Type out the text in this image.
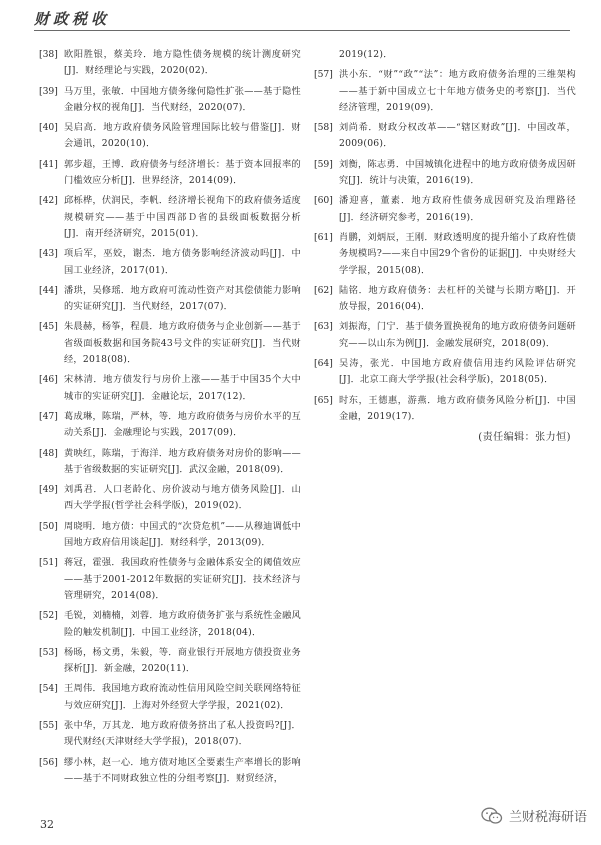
财政税收
[38] 欧阳胜银，蔡美玲．地方隐性债务规模的统计测度研究[J]．财经理论与实践，2020(02)．
[39] 马万里，张敏．中国地方债务缘何隐性扩张——基于隐性金融分权的视角[J]．当代财经，2020(07)．
[40] 吴启高．地方政府债务风险管理国际比较与借鉴[J]．财会通讯，2020(10)．
[41] 郭步超，王博．政府债务与经济增长：基于资本回报率的门槛效应分析[J]．世界经济，2014(09)．
[42] 邱栎桦，伏润民，李帆．经济增长视角下的政府债务适度规模研究——基于中国西部Ｄ省的县级面板数据分析[J]．南开经济研究，2015(01)．
[43] 项后军，巫姣，谢杰．地方债务影响经济波动吗[J]．中国工业经济，2017(01)．
[44] 潘珙，吴修瑶．地方政府可流动性资产对其偿债能力影响的实证研究[J]．当代财经，2017(07)．
[45] 朱晨赫，杨筝，程晨．地方政府债务与企业创新——基于省级面板数据和国务院43号文件的实证研究[J]．当代财经，2018(08)．
[46] 宋林清．地方债发行与房价上涨——基于中国35个大中城市的实证研究[J]．金融论坛，2017(12)．
[47] 葛成琳，陈瑞，严林，等．地方政府债务与房价水平的互动关系[J]．金融理论与实践，2017(09)．
[48] 黄映红，陈瑞，于海洋．地方政府债务对房价的影响——基于省级数据的实证研究[J]．武汉金融，2018(09)．
[49] 刘禹君．人口老龄化、房价波动与地方债务风险[J]．山西大学学报(哲学社会科学版)，2019(02)．
[50] 周晓明．地方债：中国式的“次贷危机”——从穆迪调低中国地方政府信用谈起[J]．财经科学，2013(09)．
[51] 蒋冠，霍强．我国政府性债务与金融体系安全的阈值效应——基于2001-2012年数据的实证研究[J]．技术经济与管理研究，2014(08)．
[52] 毛锐，刘楠楠，刘蓉．地方政府债务扩张与系统性金融风险的触发机制[J]．中国工业经济，2018(04)．
[53] 杨旸，杨文勇，朱毅，等．商业银行开展地方债投资业务探析[J]．新金融，2020(11)．
[54] 王周伟．我国地方政府流动性信用风险空间关联网络特征与效应研究[J]．上海对外经贸大学学报，2021(02)．
[55] 张中华，万其龙．地方政府债务挤出了私人投资吗?[J]．现代财经(天津财经大学学报)，2018(07)．
[56] 缪小林，赵一心．地方债对地区全要素生产率增长的影响——基于不同财政独立性的分组考察[J]．财贸经济，
2019(12)．
[57] 洪小东．“财”“政”“法”：地方政府债务治理的三维架构——基于新中国成立七十年地方债务史的考察[J]．当代经济管理，2019(09)．
[58] 刘尚希．财政分权改革——“辖区财政”[J]．中国改革，2009(06)．
[59] 刘衡，陈志勇．中国城镇化进程中的地方政府债务成因研究[J]．统计与决策，2016(19)．
[60] 潘迎喜，董素．地方政府性债务成因研究及治理路径[J]．经济研究参考，2016(19)．
[61] 肖鹏，刘炳辰，王刚．财政透明度的提升缩小了政府性债务规模吗?——来自中国29个省份的证据[J]．中央财经大学学报，2015(08)．
[62] 陆铭．地方政府债务：去杠杆的关键与长期方略[J]．开放导报，2016(04)．
[63] 刘振海，门宁．基于债务置换视角的地方政府债务问题研究——以山东为例[J]．金融发展研究，2018(09)．
[64] 吴涛，张光．中国地方政府债信用违约风险评估研究[J]．北京工商大学学报(社会科学版)，2018(05)．
[65] 时东，王德惠，游燕．地方政府债务风险分析[J]．中国金融，2019(17)．

(责任编辑：张力恒)

32	兰财税海研语
